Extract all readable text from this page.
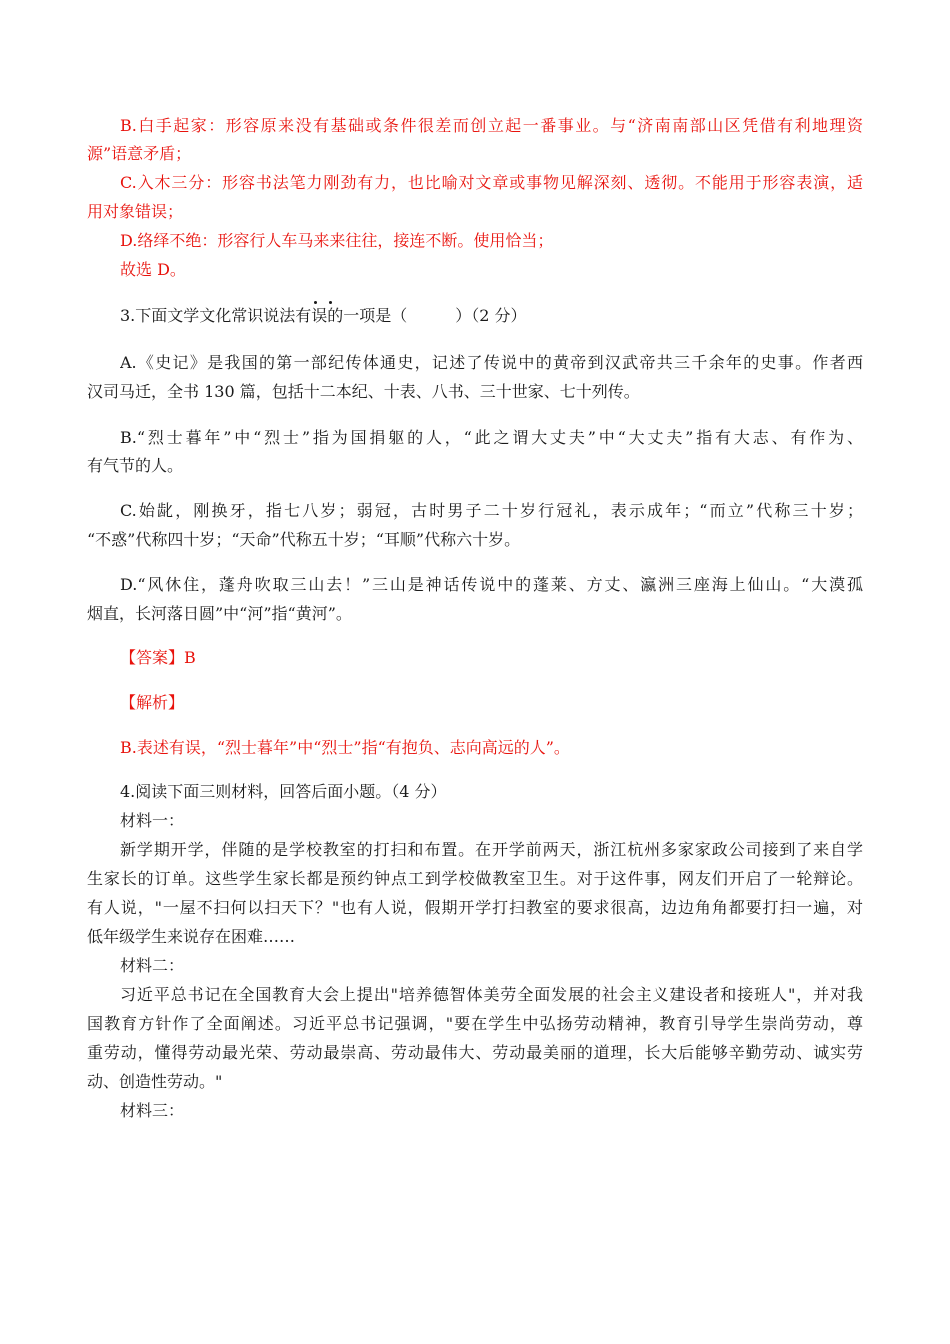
B.白手起家：形容原来没有基础或条件很差而创立起一番事业。与“济南南部山区凭借有利地理资
源”语意矛盾；
C.入木三分：形容书法笔力刚劲有力，也比喻对文章或事物见解深刻、透彻。不能用于形容表演，适
用对象错误；
D.络绎不绝：形容行人车马来来往往，接连不断。使用恰当；
故选 D。
3.下面文学文化常识说法有误的一项是（　　　）（2 分）
A.《史记》是我国的第一部纪传体通史，记述了传说中的黄帝到汉武帝共三千余年的史事。作者西
汉司马迁，全书 130 篇，包括十二本纪、十表、八书、三十世家、七十列传。
B.“烈士暮年”中“烈士”指为国捐躯的人，“此之谓大丈夫”中“大丈夫”指有大志、有作为、
有气节的人。
C.始龀，刚换牙，指七八岁；弱冠，古时男子二十岁行冠礼，表示成年；“而立”代称三十岁；
“不惑”代称四十岁；“天命”代称五十岁；“耳顺”代称六十岁。
D.“风休住，蓬舟吹取三山去！”三山是神话传说中的蓬莱、方丈、瀛洲三座海上仙山。“大漠孤
烟直，长河落日圆”中“河”指“黄河”。
【答案】B
【解析】
B.表述有误，“烈士暮年”中“烈士”指“有抱负、志向高远的人”。
4.阅读下面三则材料，回答后面小题。（4 分）
材料一：
新学期开学，伴随的是学校教室的打扫和布置。在开学前两天，浙江杭州多家家政公司接到了来自学
生家长的订单。这些学生家长都是预约钟点工到学校做教室卫生。对于这件事，网友们开启了一轮辩论。
有人说，"一屋不扫何以扫天下？"也有人说，假期开学打扫教室的要求很高，边边角角都要打扫一遍，对
低年级学生来说存在困难……
材料二：
习近平总书记在全国教育大会上提出"培养德智体美劳全面发展的社会主义建设者和接班人"，并对我
国教育方针作了全面阐述。习近平总书记强调，"要在学生中弘扬劳动精神，教育引导学生崇尚劳动，尊
重劳动，懂得劳动最光荣、劳动最崇高、劳动最伟大、劳动最美丽的道理，长大后能够辛勤劳动、诚实劳
动、创造性劳动。"
材料三：
